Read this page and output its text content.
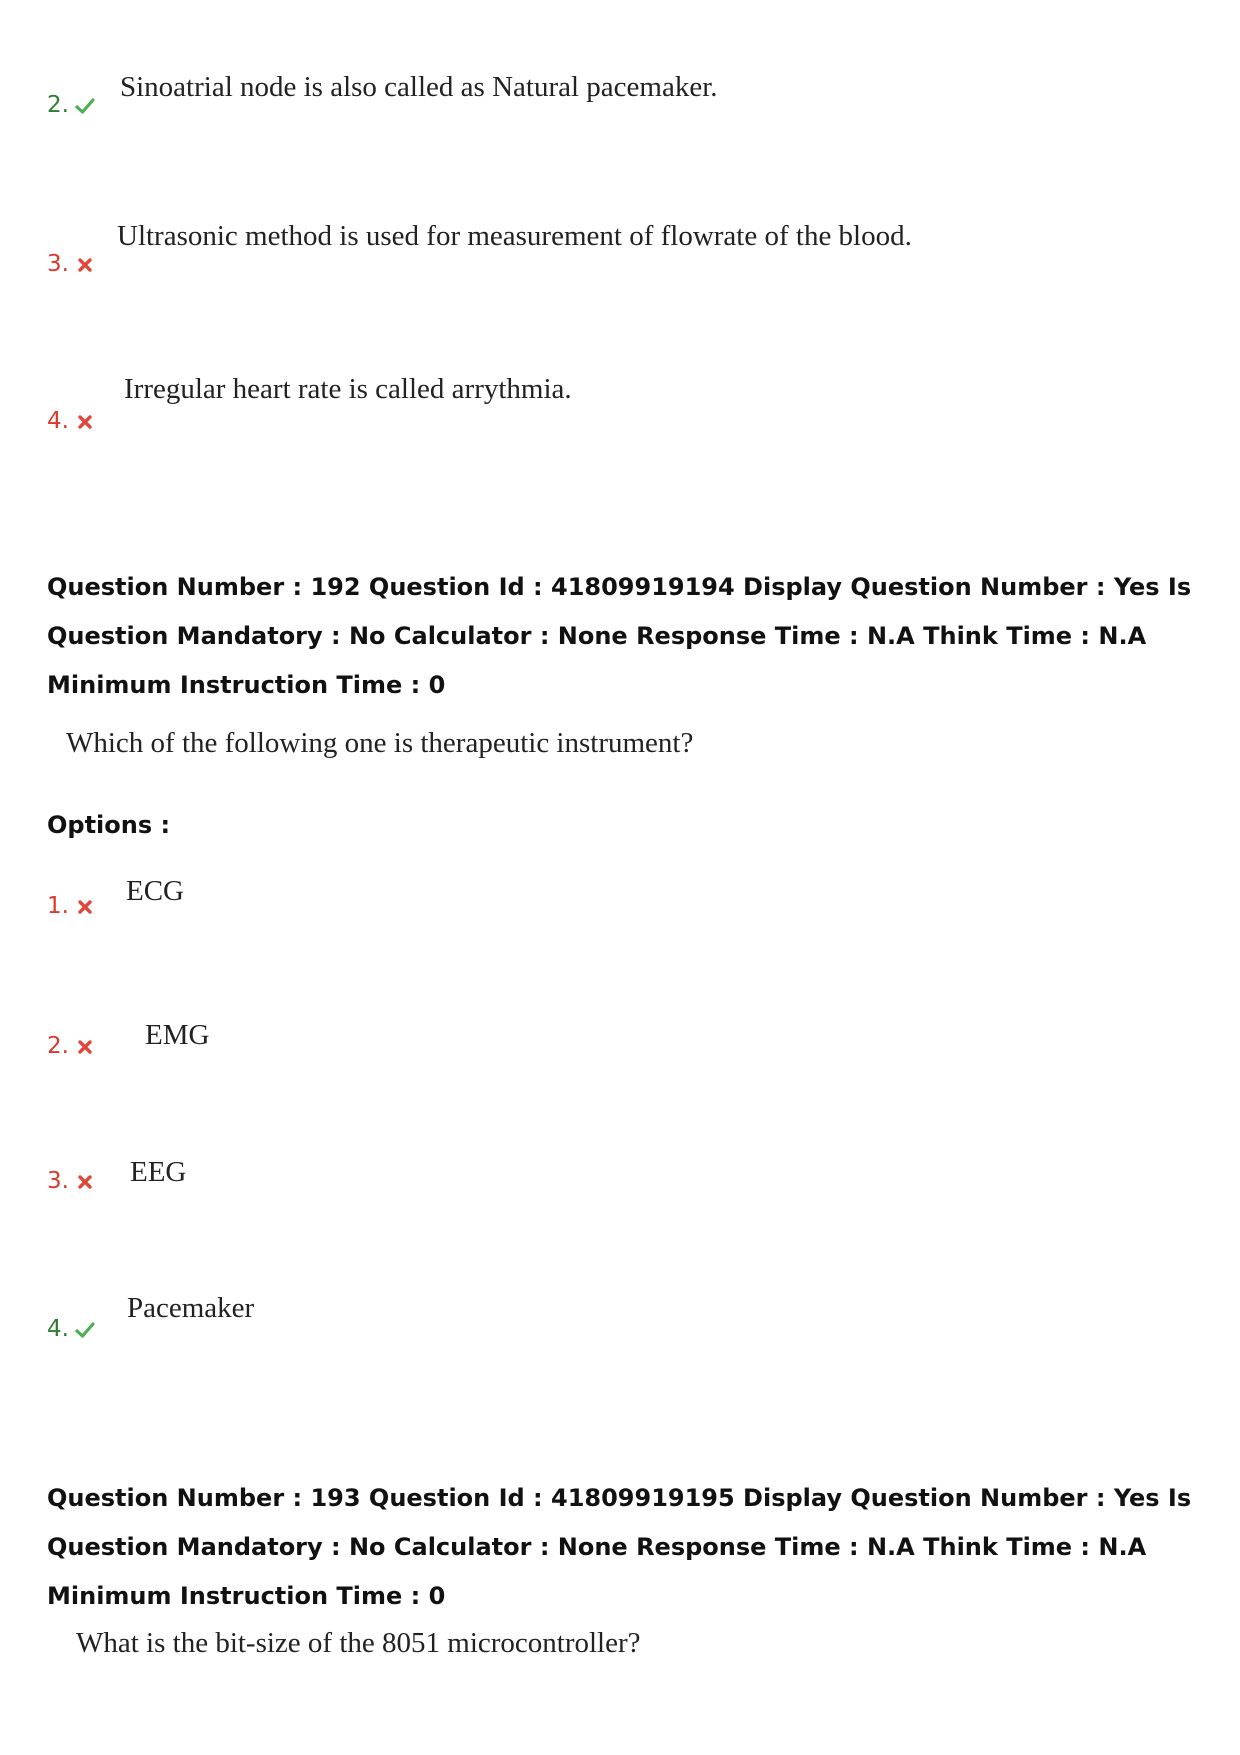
2.
Sinoatrial node is also called as Natural pacemaker.
3.
Ultrasonic method is used for measurement of flowrate of the blood.
4.
Irregular heart rate is called arrythmia.
Question Number : 192 Question Id : 41809919194 Display Question Number : Yes Is Question Mandatory : No Calculator : None Response Time : N.A Think Time : N.A Minimum Instruction Time : 0
Which of the following one is therapeutic instrument?
Options :
1.	ECG
2.	EMG
3.	EEG
4.
Pacemaker
Question Number : 193 Question Id : 41809919195 Display Question Number : Yes Is Question Mandatory : No Calculator : None Response Time : N.A Think Time : N.A Minimum Instruction Time : 0
What is the bit-size of the 8051 microcontroller?
